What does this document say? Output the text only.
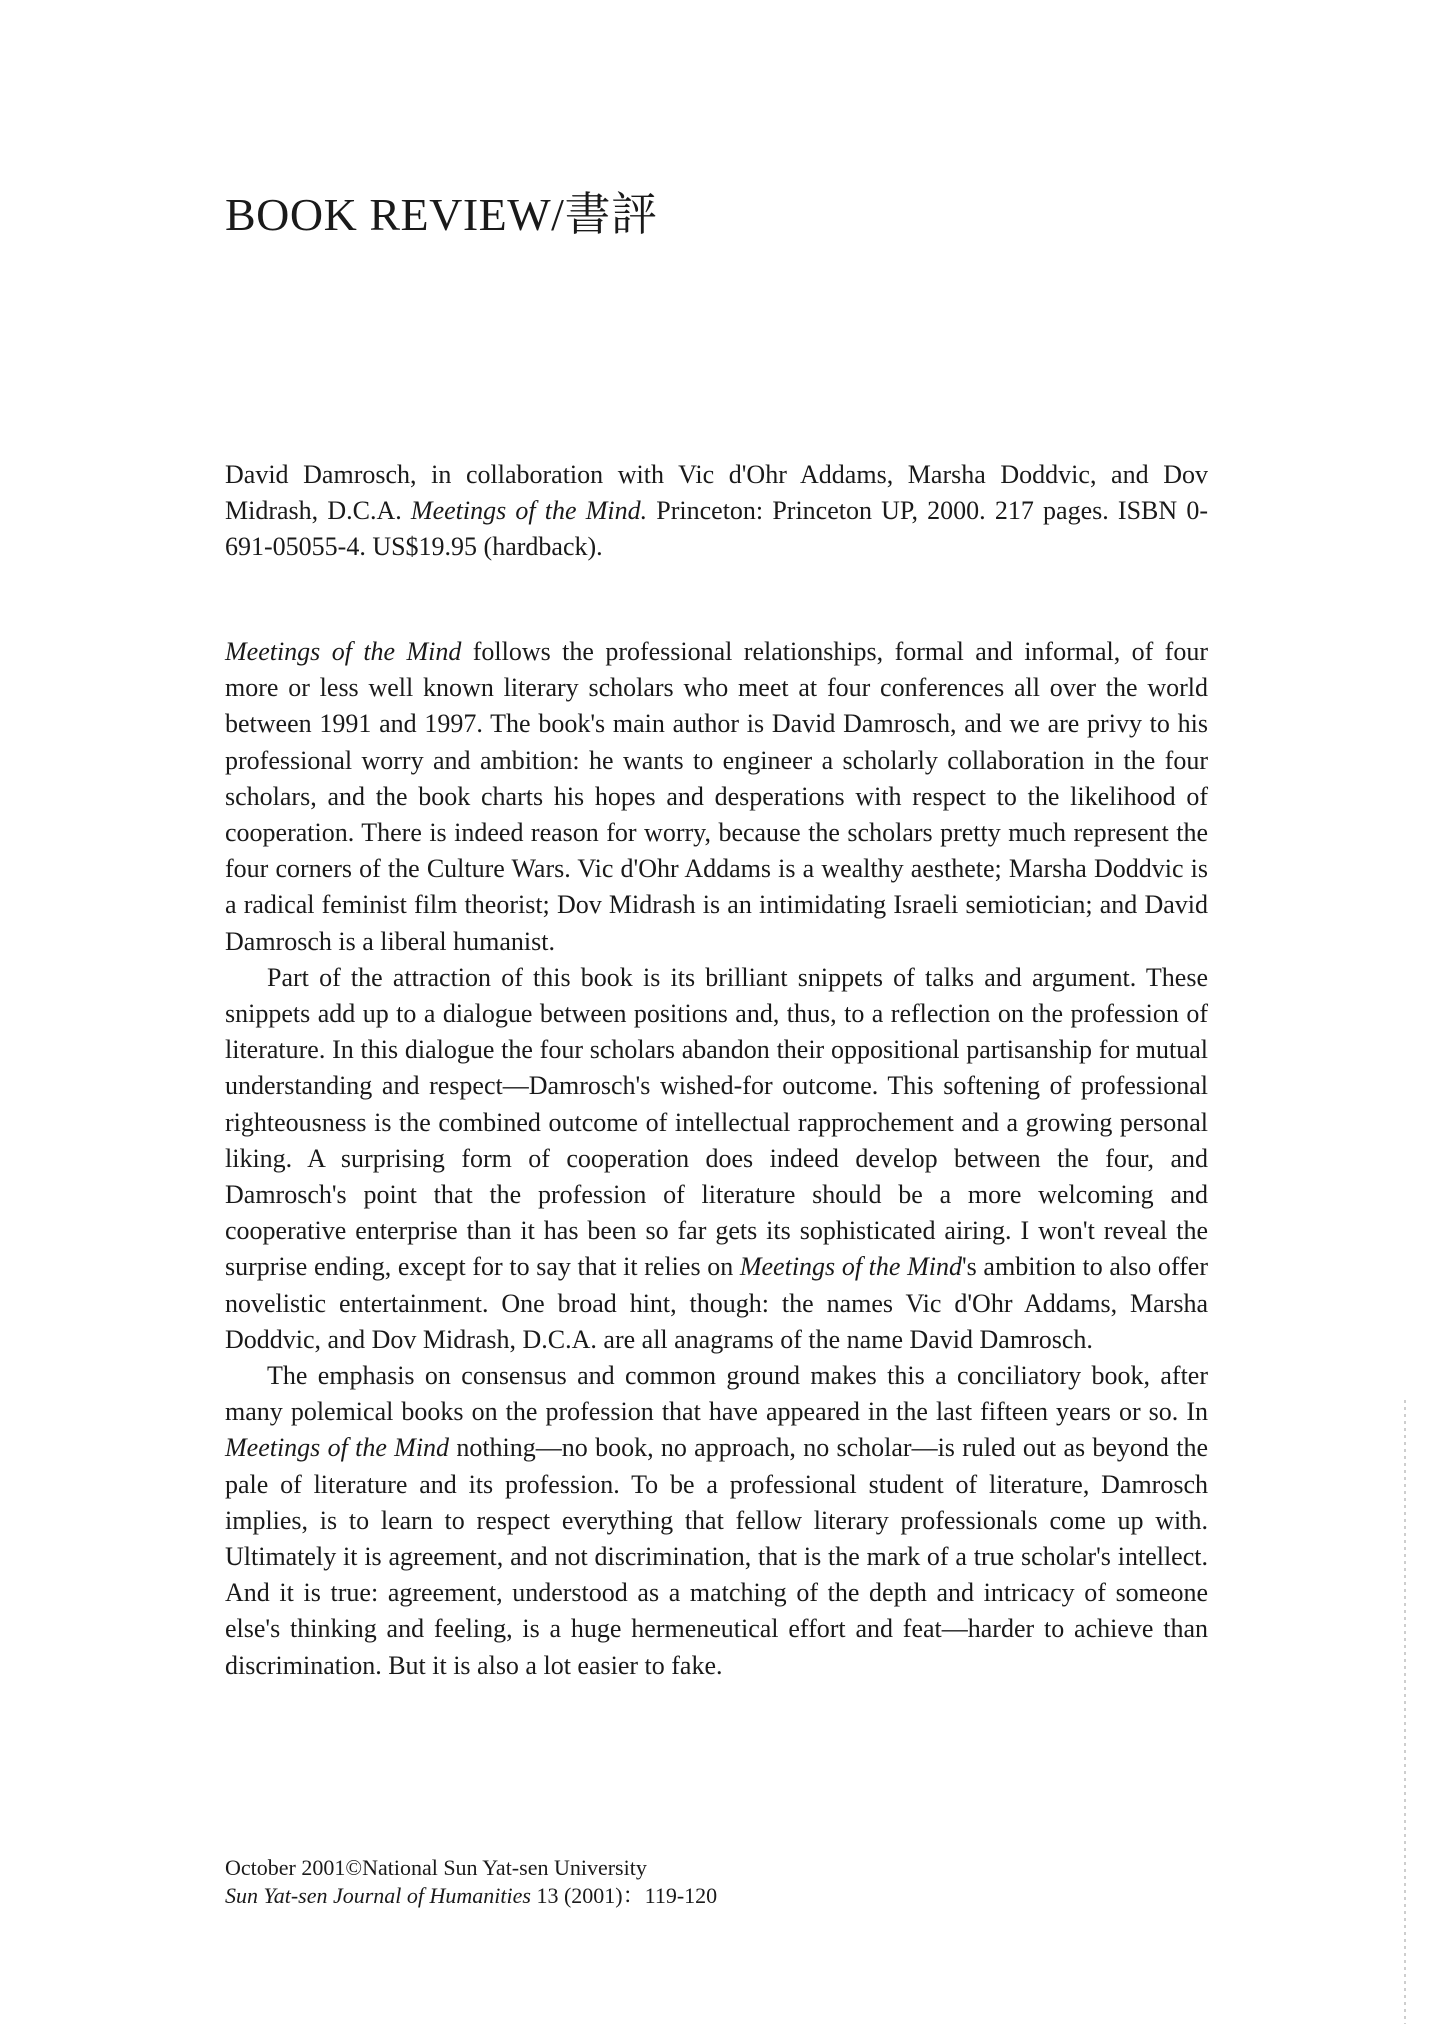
BOOK REVIEW/書評

David Damrosch, in collaboration with Vic d'Ohr Addams, Marsha Doddvic, and Dov Midrash, D.C.A. Meetings of the Mind. Princeton: Princeton UP, 2000. 217 pages. ISBN 0-691-05055-4. US$19.95 (hardback).

Meetings of the Mind follows the professional relationships, formal and informal, of four more or less well known literary scholars who meet at four conferences all over the world between 1991 and 1997. The book's main author is David Damrosch, and we are privy to his professional worry and ambition: he wants to engineer a scholarly collaboration in the four scholars, and the book charts his hopes and desperations with respect to the likelihood of cooperation. There is indeed reason for worry, because the scholars pretty much represent the four corners of the Culture Wars. Vic d'Ohr Addams is a wealthy aesthete; Marsha Doddvic is a radical feminist film theorist; Dov Midrash is an intimidating Israeli semiotician; and David Damrosch is a liberal humanist.

Part of the attraction of this book is its brilliant snippets of talks and argument. These snippets add up to a dialogue between positions and, thus, to a reflection on the profession of literature. In this dialogue the four scholars abandon their oppositional partisanship for mutual understanding and respect—Damrosch's wished-for outcome. This softening of professional righteousness is the combined outcome of intellectual rapprochement and a growing personal liking. A surprising form of cooperation does indeed develop between the four, and Damrosch's point that the profession of literature should be a more welcoming and cooperative enterprise than it has been so far gets its sophisticated airing. I won't reveal the surprise ending, except for to say that it relies on Meetings of the Mind's ambition to also offer novelistic entertainment. One broad hint, though: the names Vic d'Ohr Addams, Marsha Doddvic, and Dov Midrash, D.C.A. are all anagrams of the name David Damrosch.

The emphasis on consensus and common ground makes this a conciliatory book, after many polemical books on the profession that have appeared in the last fifteen years or so. In Meetings of the Mind nothing—no book, no approach, no scholar—is ruled out as beyond the pale of literature and its profession. To be a professional student of literature, Damrosch implies, is to learn to respect everything that fellow literary professionals come up with. Ultimately it is agreement, and not discrimination, that is the mark of a true scholar's intellect. And it is true: agreement, understood as a matching of the depth and intricacy of someone else's thinking and feeling, is a huge hermeneutical effort and feat—harder to achieve than discrimination. But it is also a lot easier to fake.

October 2001©National Sun Yat-sen University
Sun Yat-sen Journal of Humanities 13 (2001)：119-120
